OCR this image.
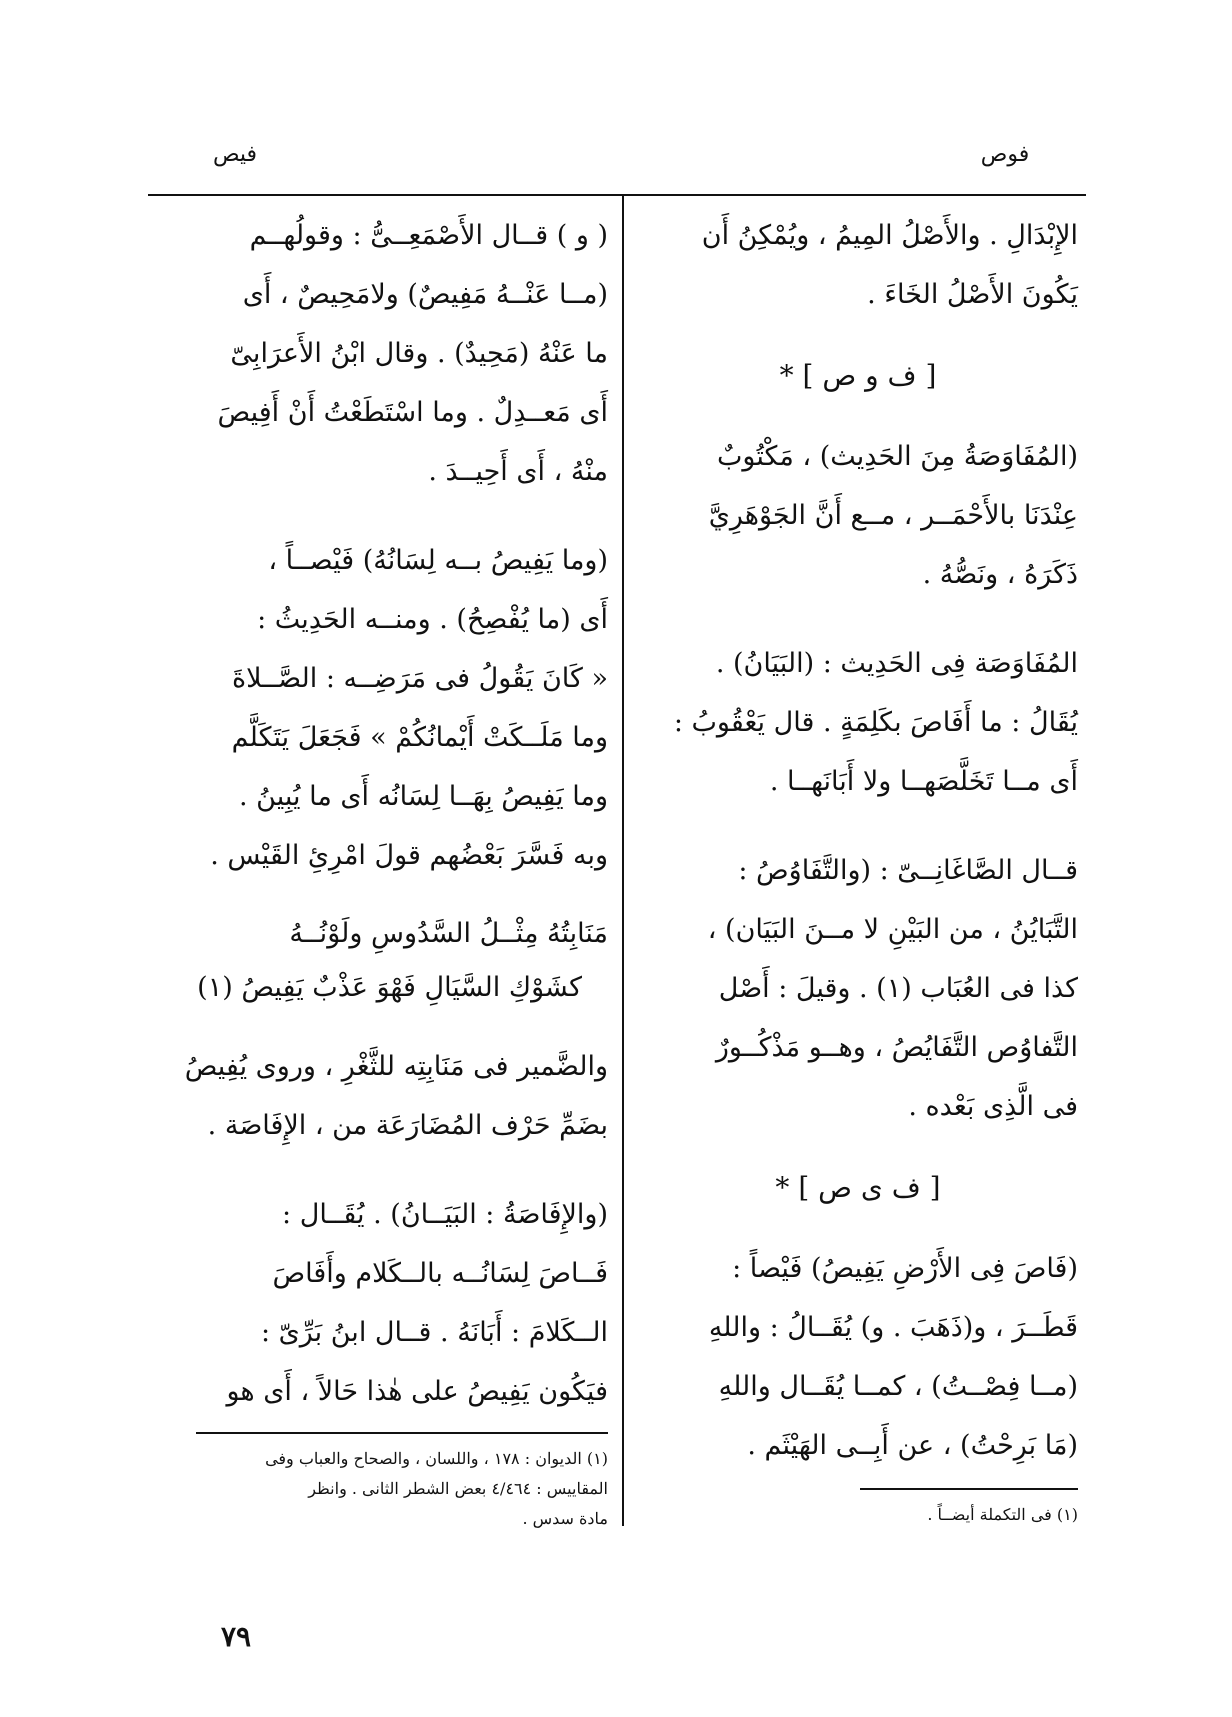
فوص
فيص

الإِبْدَالِ . والأَصْلُ المِيمُ ، ويُمْكِنُ أَن
يَكُونَ الأَصْلُ الخَاءَ .

[ ف و ص ] *

(المُفَاوَصَةُ مِنَ الحَدِيث) ، مَكْتُوبٌ
عِنْدَنَا بالأَحْمَــر ، مــع أَنَّ الجَوْهَرِيَّ
ذَكَرَهُ ، ونَصُّهُ .

المُفَاوَصَة فِى الحَدِيث : (البَيَانُ) .
يُقَالُ : ما أَفَاصَ بكَلِمَةٍ . قال يَعْقُوبُ :
أَى مــا تَخَلَّصَهــا ولا أَبَانَهــا .

قــال الصَّاغَانِــىّ : (والتَّفَاوُصُ :
التَّبَايُنُ ، من البَيْنِ لا مــنَ البَيَان) ،
كذا فى العُبَاب (١) . وقيلَ : أَصْل
التَّفاوُص التَّفَايُصُ ، وهــو مَذْكُــورٌ
فى الَّذِى بَعْده .

[ ف ى ص ] *

(فَاصَ فِى الأَرْضِ يَفِيصُ) فَيْصاً :
قَطَــرَ ، و(ذَهَبَ . و) يُقَــالُ : واللهِ
(مــا فِصْــتُ) ، كمــا يُقَــال واللهِ
(مَا بَرِحْتُ) ، عن أَبِــى الهَيْثَم .

(١) فى التكملة أيضــاً .

( و ) قــال الأَصْمَعِــىُّ : وقولُهــم
(مــا عَنْــهُ مَفِيصٌ) ولامَحِيصٌ ، أَى
ما عَنْهُ (مَحِيدٌ) . وقال ابْنُ الأَعرَابِىّ
أَى مَعــدِلٌ . وما اسْتَطَعْتُ أَنْ أَفِيصَ
منْهُ ، أَى أَحِيــدَ .

(وما يَفِيصُ بــه لِسَانُهُ) فَيْصــاً ،
أَى (ما يُفْصِحُ) . ومنــه الحَدِيثُ :
« كَانَ يَقُولُ فى مَرَضِــه : الصَّــلاةَ
وما مَلَــكَتْ أَيْمانُكُمْ » فَجَعَلَ يَتَكَلَّم
وما يَفِيصُ بِهَــا لِسَانُه أَى ما يُبِينُ .
وبه فَسَّرَ بَعْضُهم قولَ امْرِئِ القَيْس .

مَنَابِتُهُ مِثْــلُ السَّدُوسِ ولَوْنُــهُ
كشَوْكِ السَّيَالِ فَهْوَ عَذْبٌ يَفِيصُ (١)

والضَّمير فى مَنَابِتِه للثَّغْرِ ، وروى يُفِيصُ
بضَمِّ حَرْف المُضَارَعَة من ، الإِفَاصَة .

(والإِفَاصَةُ : البَيَــانُ) . يُقَــال :
فَــاصَ لِسَانُــه بالــكَلام وأَفَاصَ
الــكَلامَ : أَبَانَهُ . قــال ابنُ بَرِّىّ :
فيَكُون يَفِيصُ على هٰذا حَالاً ، أَى هو

(١) الديوان : ١٧٨ ، واللسان ، والصحاح والعباب وفى
المقاييس : ٤/٤٦٤ بعض الشطر الثانى . وانظر
مادة سدس .
٧٩
